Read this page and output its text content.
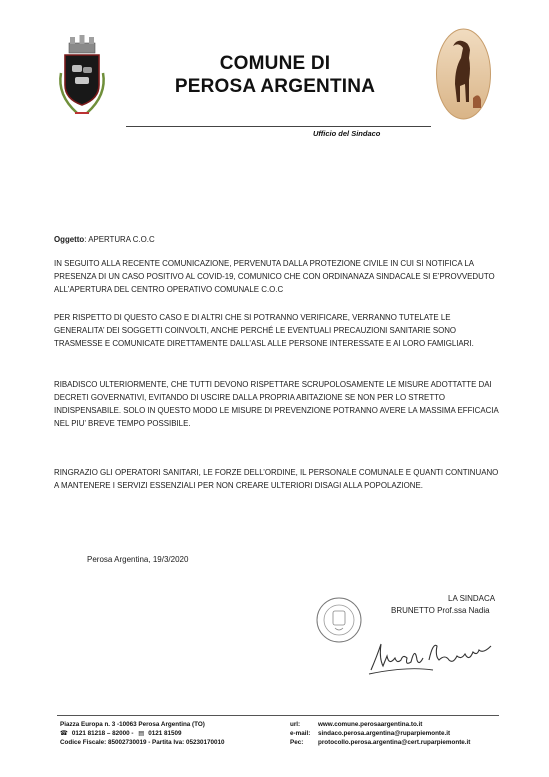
COMUNE DI
PEROSA ARGENTINA
Ufficio del Sindaco
Oggetto: APERTURA C.O.C
IN SEGUITO ALLA RECENTE COMUNICAZIONE, PERVENUTA DALLA PROTEZIONE CIVILE IN CUI SI NOTIFICA LA PRESENZA DI UN CASO POSITIVO AL COVID-19, COMUNICO CHE CON ORDINANAZA SINDACALE SI E’PROVVEDUTO ALL’APERTURA DEL CENTRO OPERATIVO COMUNALE C.O.C
PER RISPETTO DI QUESTO CASO E DI ALTRI CHE SI POTRANNO VERIFICARE, VERRANNO TUTELATE LE GENERALITA’ DEI SOGGETTI COINVOLTI, ANCHE PERCHÉ LE EVENTUALI PRECAUZIONI SANITARIE SONO TRASMESSE E COMUNICATE DIRETTAMENTE DALL’ASL ALLE PERSONE INTERESSATE E AI LORO FAMIGLIARI.
RIBADISCO ULTERIORMENTE, CHE TUTTI DEVONO RISPETTARE SCRUPOLOSAMENTE LE MISURE ADOTTATTE DAI DECRETI GOVERNATIVI, EVITANDO DI USCIRE DALLA PROPRIA ABITAZIONE SE NON PER LO STRETTO INDISPENSABILE. SOLO IN QUESTO MODO LE MISURE DI PREVENZIONE POTRANNO AVERE LA MASSIMA EFFICACIA NEL PIU’ BREVE TEMPO POSSIBILE.
RINGRAZIO GLI OPERATORI SANITARI, LE FORZE DELL’ORDINE, IL PERSONALE COMUNALE E QUANTI CONTINUANO A MANTENERE I SERVIZI ESSENZIALI PER NON CREARE ULTERIORI DISAGI ALLA POPOLAZIONE.
Perosa Argentina, 19/3/2020
LA SINDACA
BRUNETTO Prof.ssa Nadia
Piazza Europa n. 3 -10063 Perosa Argentina (TO)
☎ 0121 81218 – 82000 - ▤ 0121 81509
Codice Fiscale: 85002730019 - Partita Iva: 05230170010
url:	www.comune.perosaargentina.to.it
e-mail:	sindaco.perosa.argentina@ruparpiemonte.it
Pec:	protocollo.perosa.argentina@cert.ruparpiemonte.it
